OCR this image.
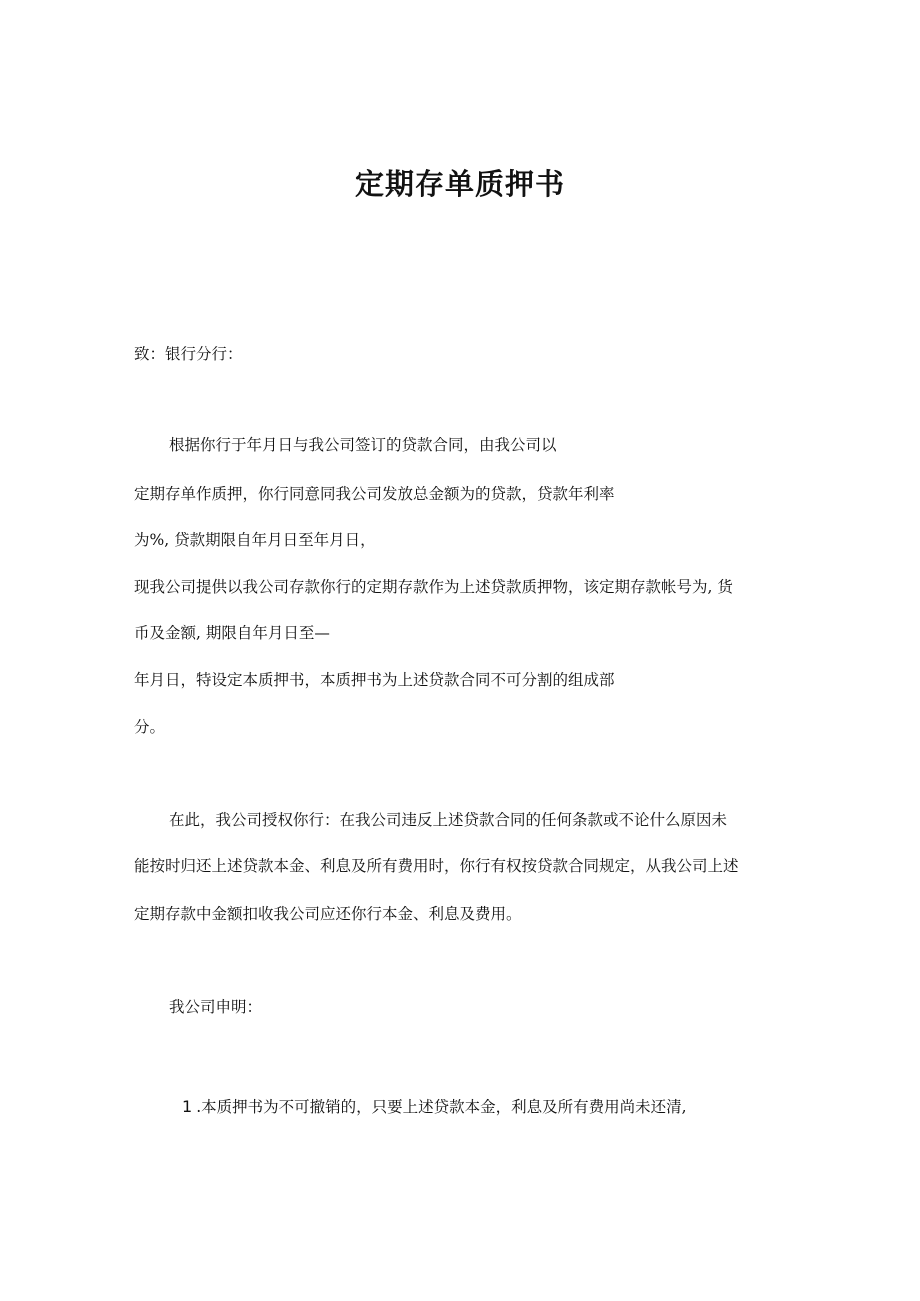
定期存单质押书
致：银行分行：
根据你行于年月日与我公司签订的贷款合同，由我公司以
定期存单作质押，你行同意同我公司发放总金额为的贷款，贷款年利率
为%, 贷款期限自年月日至年月日，
现我公司提供以我公司存款你行的定期存款作为上述贷款质押物，该定期存款帐号为, 货
币及金额, 期限自年月日至—
年月日，特设定本质押书，本质押书为上述贷款合同不可分割的组成部
分。
在此，我公司授权你行：在我公司违反上述贷款合同的任何条款或不论什么原因未
能按时归还上述贷款本金、利息及所有费用时，你行有权按贷款合同规定，从我公司上述
定期存款中金额扣收我公司应还你行本金、利息及费用。
我公司申明：
1 .本质押书为不可撤销的，只要上述贷款本金，利息及所有费用尚未还清,
